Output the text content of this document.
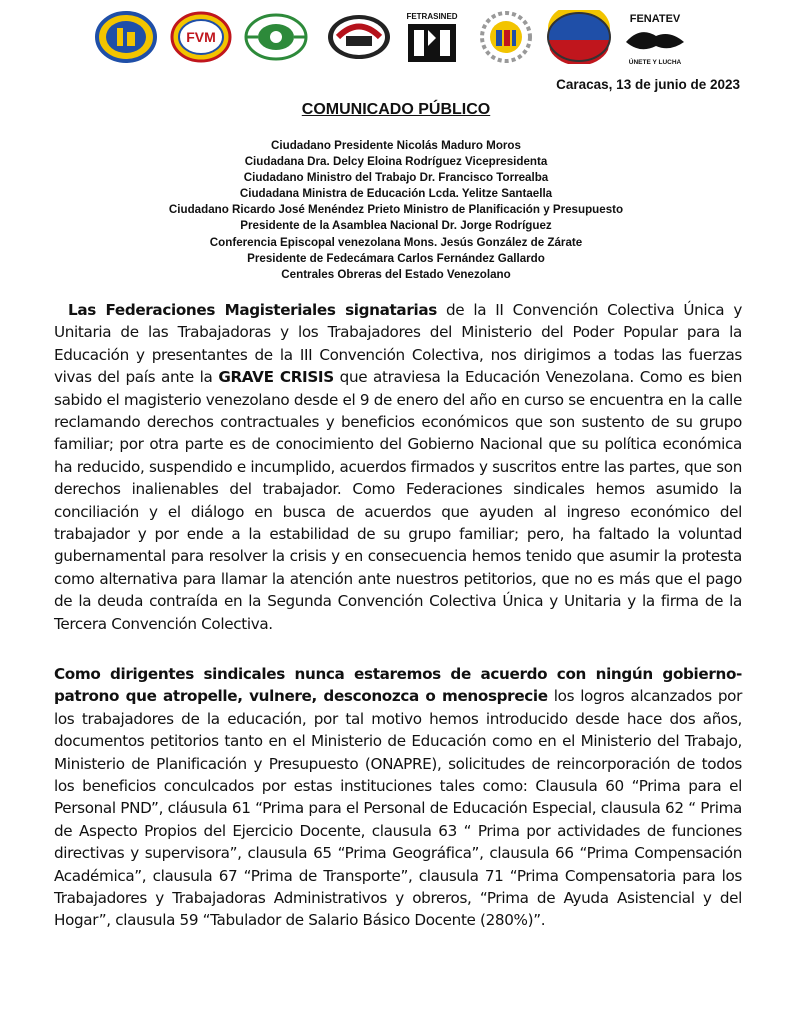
FVM
FETRASINED	FENATEV
ÚNETE Y LUCHA
Caracas, 13 de junio de 2023
COMUNICADO PÚBLICO
Ciudadano Presidente Nicolás Maduro Moros
Ciudadana Dra. Delcy Eloina Rodríguez Vicepresidenta
Ciudadano Ministro del Trabajo Dr. Francisco Torrealba
Ciudadana Ministra de Educación Lcda. Yelitze Santaella
Ciudadano Ricardo José Menéndez Prieto Ministro de Planificación y Presupuesto
Presidente de la Asamblea Nacional Dr. Jorge Rodríguez
Conferencia Episcopal venezolana Mons. Jesús González de Zárate
Presidente de Fedecámara Carlos Fernández Gallardo
Centrales Obreras del Estado Venezolano
Las Federaciones Magisteriales signatarias de la II Convención Colectiva Única y Unitaria de las Trabajadoras y los Trabajadores del Ministerio del Poder Popular para la Educación y presentantes de la III Convención Colectiva, nos dirigimos a todas las fuerzas vivas del país ante la GRAVE CRISIS que atraviesa la Educación Venezolana. Como es bien sabido el magisterio venezolano desde el 9 de enero del año en curso se encuentra en la calle reclamando derechos contractuales y beneficios económicos que son sustento de su grupo familiar; por otra parte es de conocimiento del Gobierno Nacional que su política económica ha reducido, suspendido e incumplido, acuerdos firmados y suscritos entre las partes, que son derechos inalienables del trabajador. Como Federaciones sindicales hemos asumido la conciliación y el diálogo en busca de acuerdos que ayuden al ingreso económico del trabajador y por ende a la estabilidad de su grupo familiar; pero, ha faltado la voluntad gubernamental para resolver la crisis y en consecuencia hemos tenido que asumir la protesta como alternativa para llamar la atención ante nuestros petitorios, que no es más que el pago de la deuda contraída en la Segunda Convención Colectiva Única y Unitaria y la firma de la Tercera Convención Colectiva.
Como dirigentes sindicales nunca estaremos de acuerdo con ningún gobierno-patrono que atropelle, vulnere, desconozca o menosprecie los logros alcanzados por los trabajadores de la educación, por tal motivo hemos introducido desde hace dos años, documentos petitorios tanto en el Ministerio de Educación como en el Ministerio del Trabajo, Ministerio de Planificación y Presupuesto (ONAPRE), solicitudes de reincorporación de todos los beneficios conculcados por estas instituciones tales como: Clausula 60 “Prima para el Personal PND”, cláusula 61 “Prima para el Personal de Educación Especial, clausula 62 “ Prima de Aspecto Propios del Ejercicio Docente, clausula 63 “ Prima por actividades de funciones directivas y supervisora”, clausula 65 “Prima Geográfica”, clausula 66 “Prima Compensación Académica”, clausula 67 “Prima de Transporte”, clausula 71 “Prima Compensatoria para los Trabajadores y Trabajadoras Administrativos y obreros, “Prima de Ayuda Asistencial y del Hogar”, clausula 59 “Tabulador de Salario Básico Docente (280%)”.
